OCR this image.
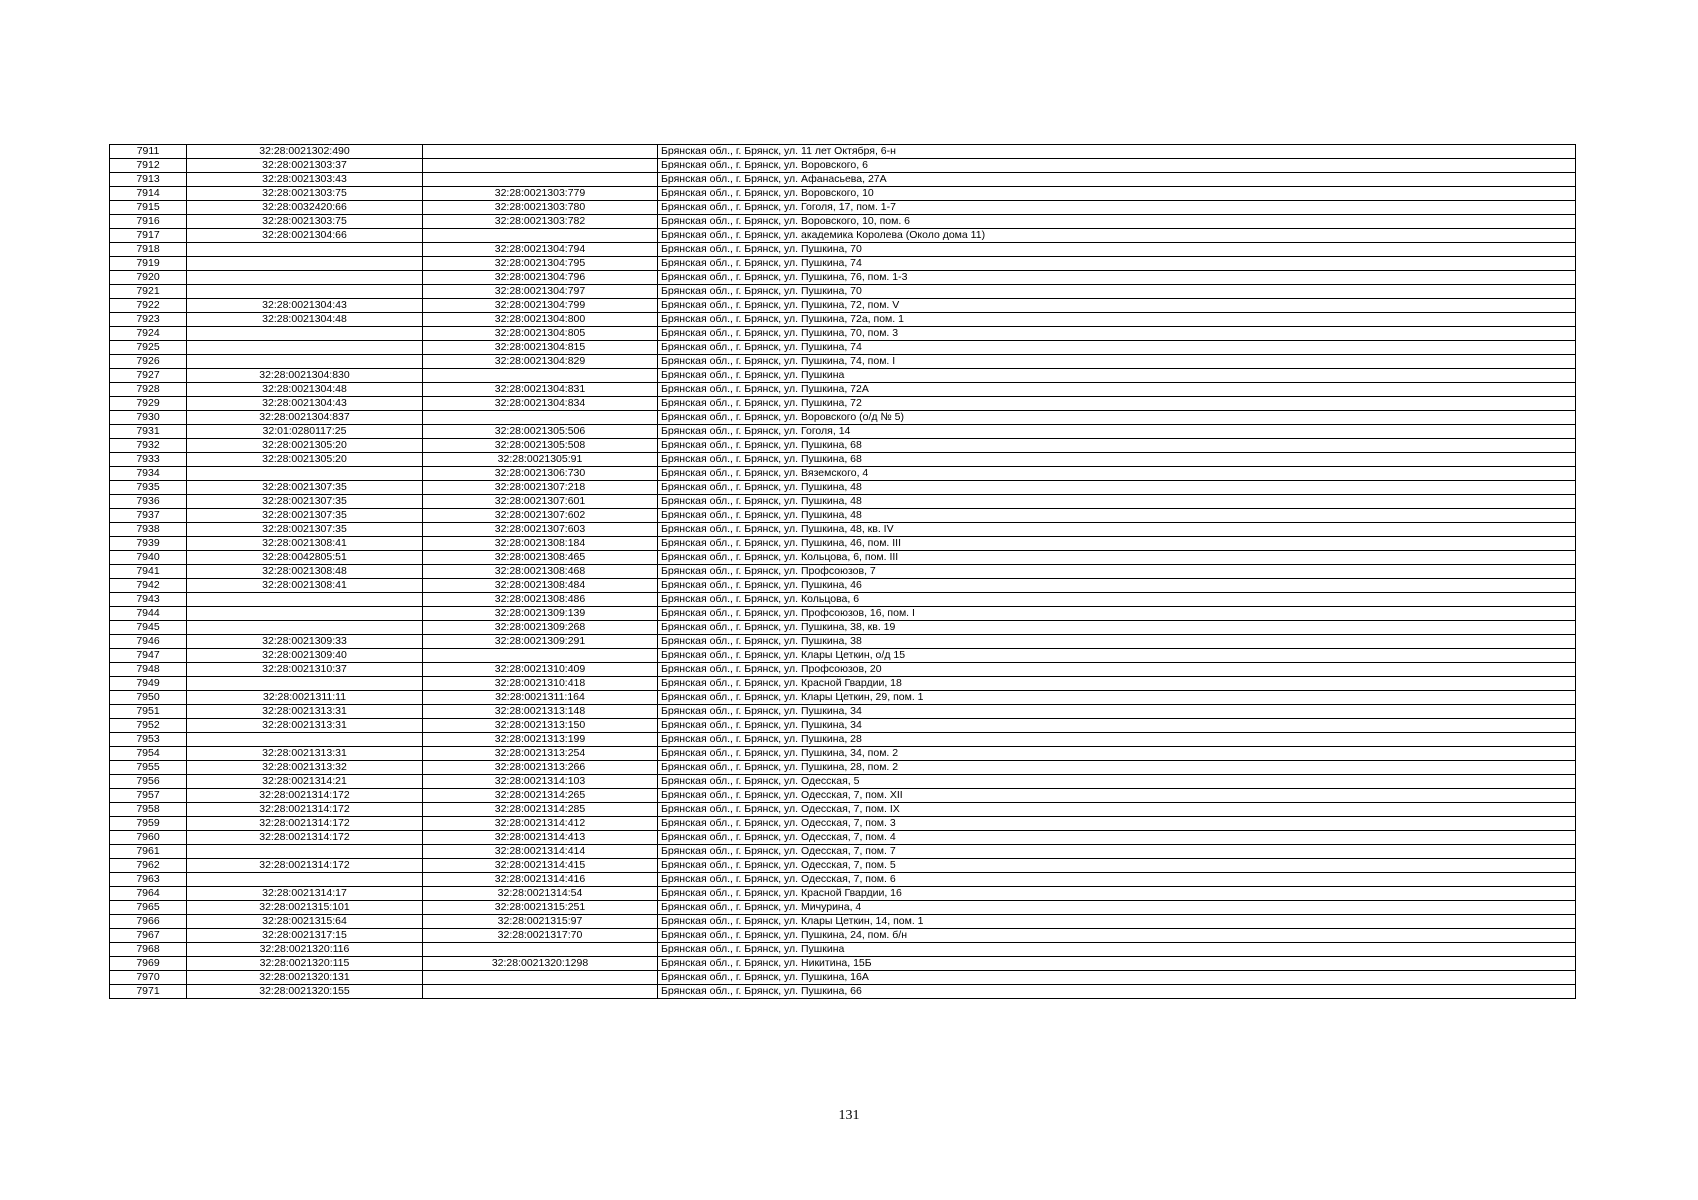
7911	32:28:0021302:490		Брянская обл., г. Брянск, ул. 11 лет Октября, 6-н
7912	32:28:0021303:37		Брянская обл., г. Брянск, ул. Воровского, 6
7913	32:28:0021303:43		Брянская обл., г. Брянск, ул. Афанасьева, 27А
7914	32:28:0021303:75	32:28:0021303:779	Брянская обл., г. Брянск, ул. Воровского, 10
7915	32:28:0032420:66	32:28:0021303:780	Брянская обл., г. Брянск, ул. Гоголя, 17, пом. 1-7
7916	32:28:0021303:75	32:28:0021303:782	Брянская обл., г. Брянск, ул. Воровского, 10, пом. 6
7917	32:28:0021304:66		Брянская обл., г. Брянск, ул. академика Королева (Около дома 11)
7918		32:28:0021304:794	Брянская обл., г. Брянск, ул. Пушкина, 70
7919		32:28:0021304:795	Брянская обл., г. Брянск, ул. Пушкина, 74
7920		32:28:0021304:796	Брянская обл., г. Брянск, ул. Пушкина, 76, пом. 1-3
7921		32:28:0021304:797	Брянская обл., г. Брянск, ул. Пушкина, 70
7922	32:28:0021304:43	32:28:0021304:799	Брянская обл., г. Брянск, ул. Пушкина, 72, пом. V
7923	32:28:0021304:48	32:28:0021304:800	Брянская обл., г. Брянск, ул. Пушкина, 72а, пом. 1
7924		32:28:0021304:805	Брянская обл., г. Брянск, ул. Пушкина, 70, пом. 3
7925		32:28:0021304:815	Брянская обл., г. Брянск, ул. Пушкина, 74
7926		32:28:0021304:829	Брянская обл., г. Брянск, ул. Пушкина, 74, пом. I
7927	32:28:0021304:830		Брянская обл., г. Брянск, ул. Пушкина
7928	32:28:0021304:48	32:28:0021304:831	Брянская обл., г. Брянск, ул. Пушкина, 72А
7929	32:28:0021304:43	32:28:0021304:834	Брянская обл., г. Брянск, ул. Пушкина, 72
7930	32:28:0021304:837		Брянская обл., г. Брянск, ул. Воровского (о/д № 5)
7931	32:01:0280117:25	32:28:0021305:506	Брянская обл., г. Брянск, ул. Гоголя, 14
7932	32:28:0021305:20	32:28:0021305:508	Брянская обл., г. Брянск, ул. Пушкина, 68
7933	32:28:0021305:20	32:28:0021305:91	Брянская обл., г. Брянск, ул. Пушкина, 68
7934		32:28:0021306:730	Брянская обл., г. Брянск, ул. Вяземского, 4
7935	32:28:0021307:35	32:28:0021307:218	Брянская обл., г. Брянск, ул. Пушкина, 48
7936	32:28:0021307:35	32:28:0021307:601	Брянская обл., г. Брянск, ул. Пушкина, 48
7937	32:28:0021307:35	32:28:0021307:602	Брянская обл., г. Брянск, ул. Пушкина, 48
7938	32:28:0021307:35	32:28:0021307:603	Брянская обл., г. Брянск, ул. Пушкина, 48, кв. IV
7939	32:28:0021308:41	32:28:0021308:184	Брянская обл., г. Брянск, ул. Пушкина, 46, пом. III
7940	32:28:0042805:51	32:28:0021308:465	Брянская обл., г. Брянск, ул. Кольцова, 6, пом. III
7941	32:28:0021308:48	32:28:0021308:468	Брянская обл., г. Брянск, ул. Профсоюзов, 7
7942	32:28:0021308:41	32:28:0021308:484	Брянская обл., г. Брянск, ул. Пушкина, 46
7943		32:28:0021308:486	Брянская обл., г. Брянск, ул. Кольцова, 6
7944		32:28:0021309:139	Брянская обл., г. Брянск, ул. Профсоюзов, 16, пом. I
7945		32:28:0021309:268	Брянская обл., г. Брянск, ул. Пушкина, 38, кв. 19
7946	32:28:0021309:33	32:28:0021309:291	Брянская обл., г. Брянск, ул. Пушкина, 38
7947	32:28:0021309:40		Брянская обл., г. Брянск, ул. Клары Цеткин, о/д 15
7948	32:28:0021310:37	32:28:0021310:409	Брянская обл., г. Брянск, ул. Профсоюзов, 20
7949		32:28:0021310:418	Брянская обл., г. Брянск, ул. Красной Гвардии, 18
7950	32:28:0021311:11	32:28:0021311:164	Брянская обл., г. Брянск, ул. Клары Цеткин, 29, пом. 1
7951	32:28:0021313:31	32:28:0021313:148	Брянская обл., г. Брянск, ул. Пушкина, 34
7952	32:28:0021313:31	32:28:0021313:150	Брянская обл., г. Брянск, ул. Пушкина, 34
7953		32:28:0021313:199	Брянская обл., г. Брянск, ул. Пушкина, 28
7954	32:28:0021313:31	32:28:0021313:254	Брянская обл., г. Брянск, ул. Пушкина, 34, пом. 2
7955	32:28:0021313:32	32:28:0021313:266	Брянская обл., г. Брянск, ул. Пушкина, 28, пом. 2
7956	32:28:0021314:21	32:28:0021314:103	Брянская обл., г. Брянск, ул. Одесская, 5
7957	32:28:0021314:172	32:28:0021314:265	Брянская обл., г. Брянск, ул. Одесская, 7, пом. XII
7958	32:28:0021314:172	32:28:0021314:285	Брянская обл., г. Брянск, ул. Одесская, 7, пом. IX
7959	32:28:0021314:172	32:28:0021314:412	Брянская обл., г. Брянск, ул. Одесская, 7, пом. 3
7960	32:28:0021314:172	32:28:0021314:413	Брянская обл., г. Брянск, ул. Одесская, 7, пом. 4
7961		32:28:0021314:414	Брянская обл., г. Брянск, ул. Одесская, 7, пом. 7
7962	32:28:0021314:172	32:28:0021314:415	Брянская обл., г. Брянск, ул. Одесская, 7, пом. 5
7963		32:28:0021314:416	Брянская обл., г. Брянск, ул. Одесская, 7, пом. 6
7964	32:28:0021314:17	32:28:0021314:54	Брянская обл., г. Брянск, ул. Красной Гвардии, 16
7965	32:28:0021315:101	32:28:0021315:251	Брянская обл., г. Брянск, ул. Мичурина, 4
7966	32:28:0021315:64	32:28:0021315:97	Брянская обл., г. Брянск, ул. Клары Цеткин, 14, пом. 1
7967	32:28:0021317:15	32:28:0021317:70	Брянская обл., г. Брянск, ул. Пушкина, 24, пом. б/н
7968	32:28:0021320:116		Брянская обл., г. Брянск, ул. Пушкина
7969	32:28:0021320:115	32:28:0021320:1298	Брянская обл., г. Брянск, ул. Никитина, 15Б
7970	32:28:0021320:131		Брянская обл., г. Брянск, ул. Пушкина, 16А
7971	32:28:0021320:155		Брянская обл., г. Брянск, ул. Пушкина, 66
131
